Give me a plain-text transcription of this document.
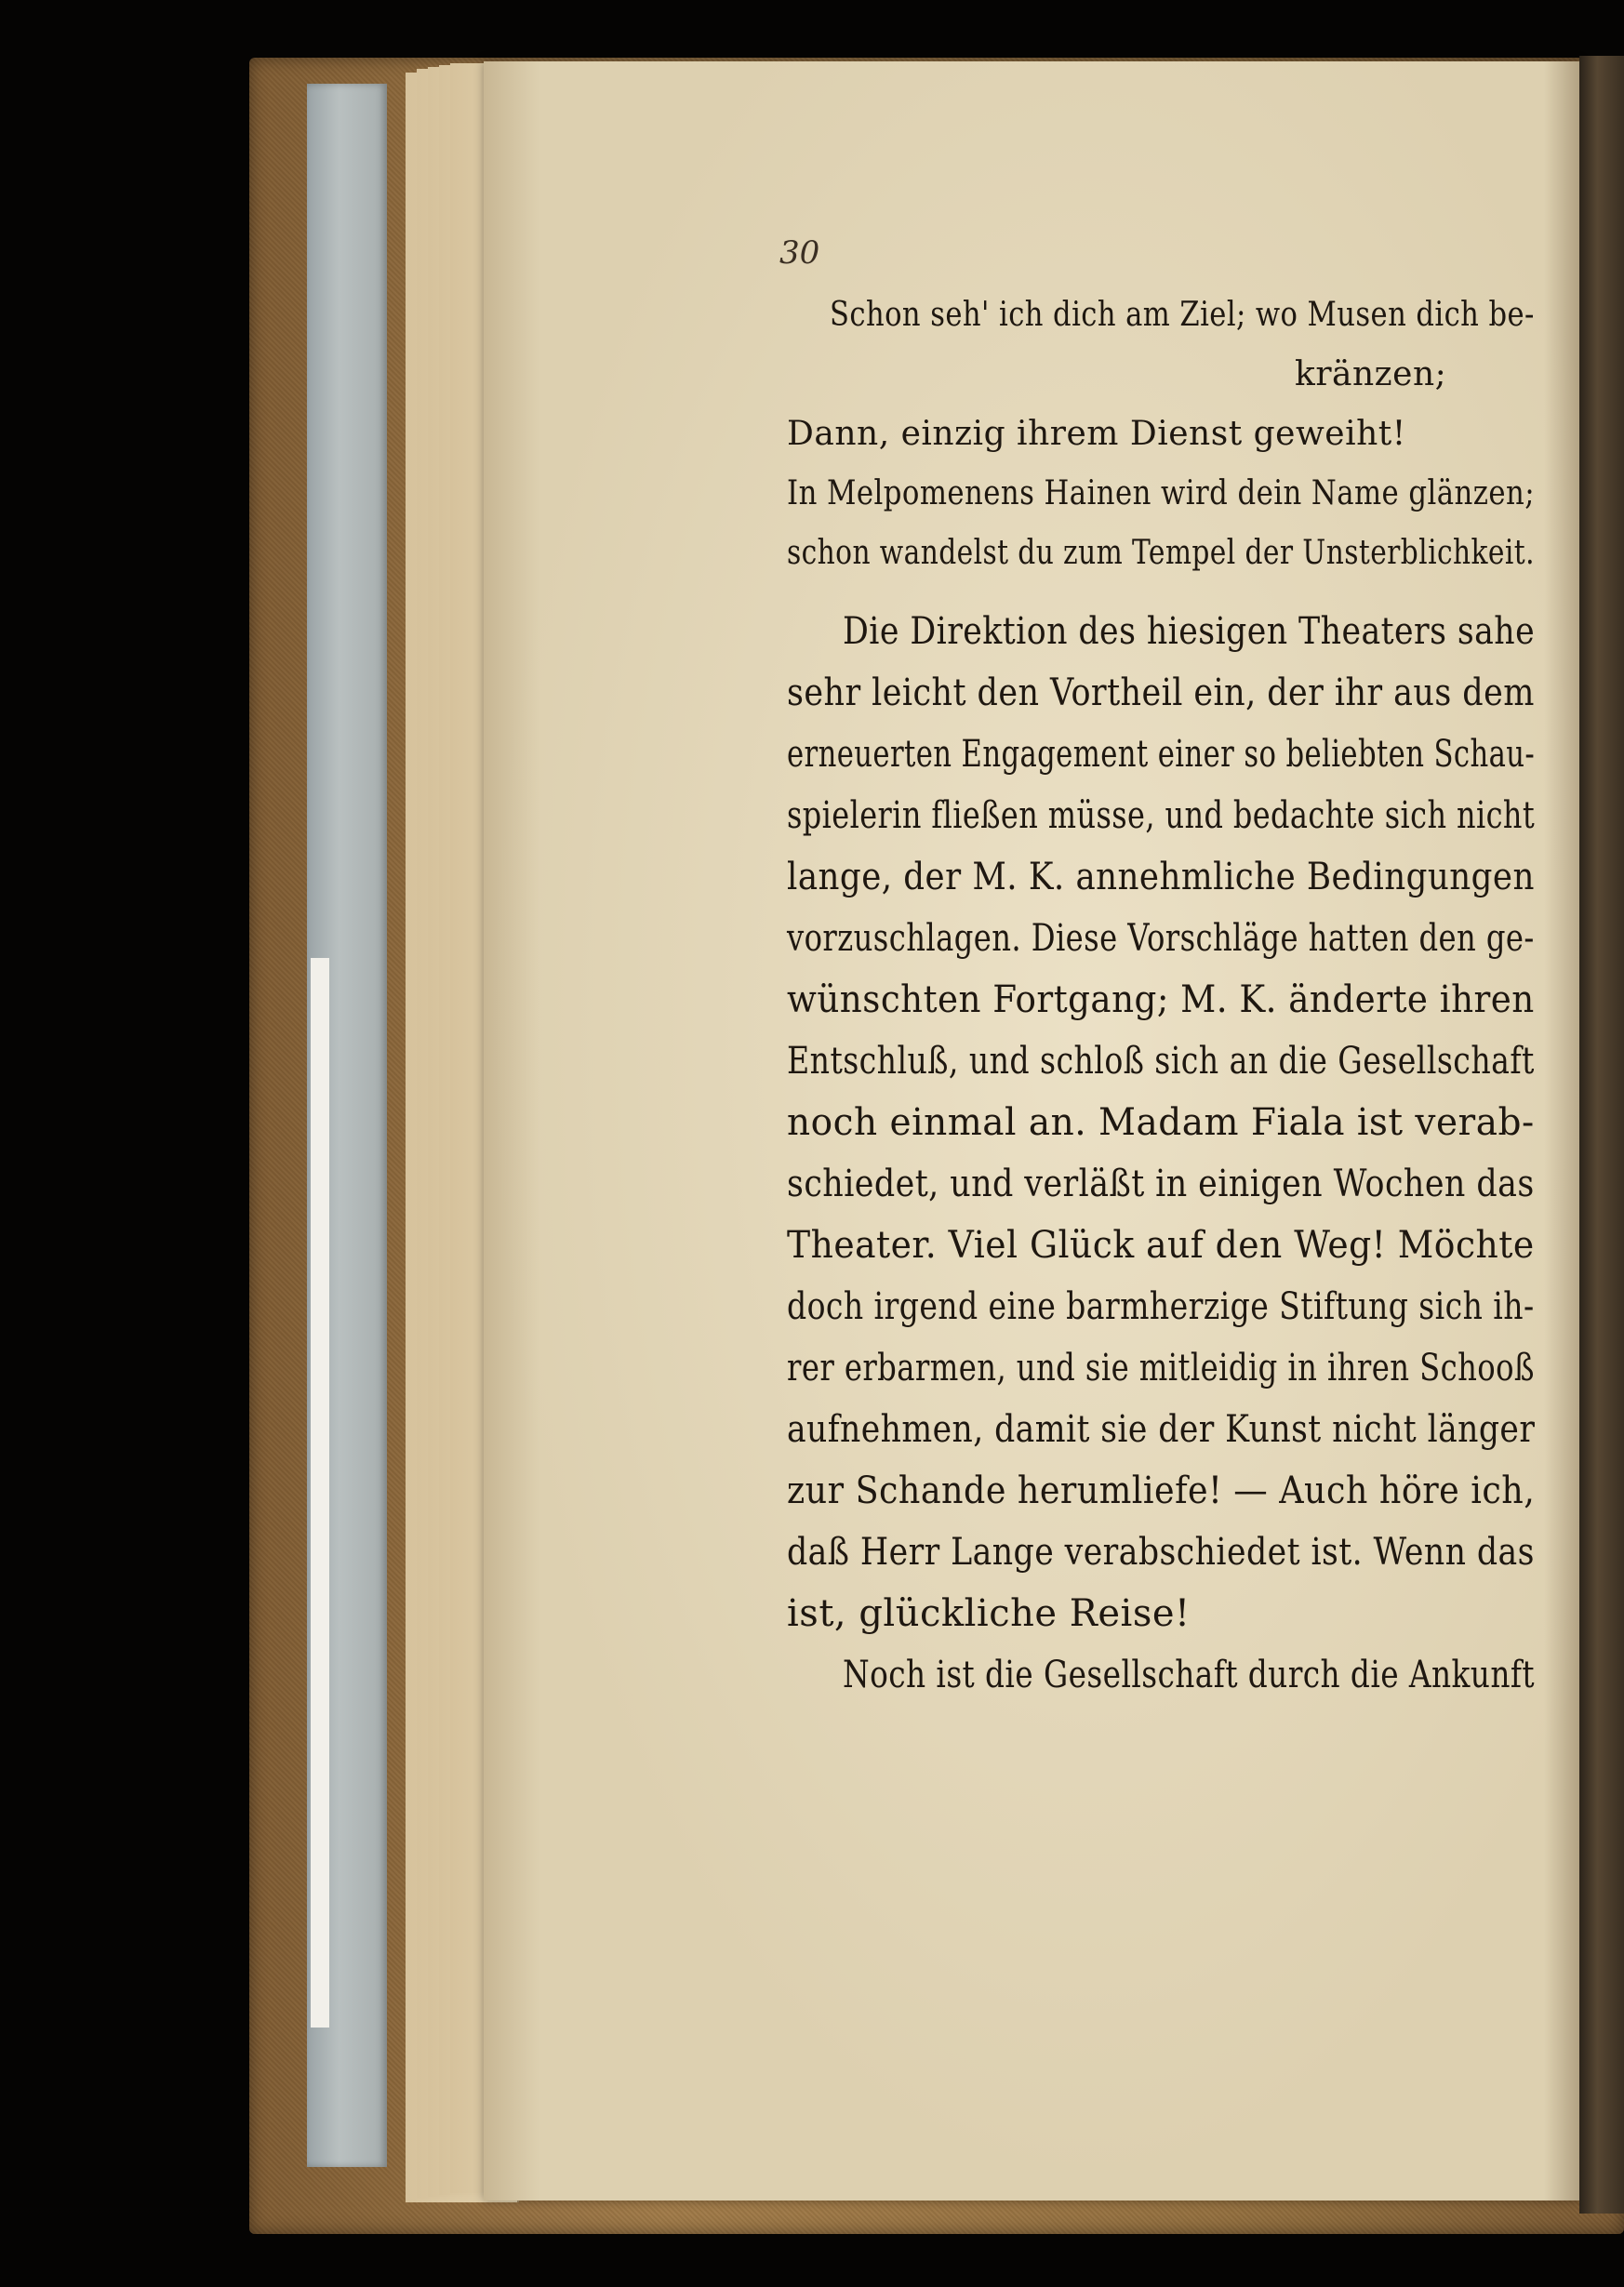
30
Schon seh' ich dich am Ziel; wo Musen dich be-
kränzen;
Dann, einzig ihrem Dienst geweiht!
In Melpomenens Hainen wird dein Name glänzen;
schon wandelst du zum Tempel der Unsterblichkeit.
Die Direktion des hiesigen Theaters sahe
sehr leicht den Vortheil ein, der ihr aus dem
erneuerten Engagement einer so beliebten Schau-
spielerin fließen müsse, und bedachte sich nicht
lange, der M. K. annehmliche Bedingungen
vorzuschlagen. Diese Vorschläge hatten den ge-
wünschten Fortgang; M. K. änderte ihren
Entschluß, und schloß sich an die Gesellschaft
noch einmal an. Madam Fiala ist verab-
schiedet, und verläßt in einigen Wochen das
Theater. Viel Glück auf den Weg! Möchte
doch irgend eine barmherzige Stiftung sich ih-
rer erbarmen, und sie mitleidig in ihren Schooß
aufnehmen, damit sie der Kunst nicht länger
zur Schande herumliefe! — Auch höre ich,
daß Herr Lange verabschiedet ist. Wenn das
ist, glückliche Reise!
Noch ist die Gesellschaft durch die Ankunft
